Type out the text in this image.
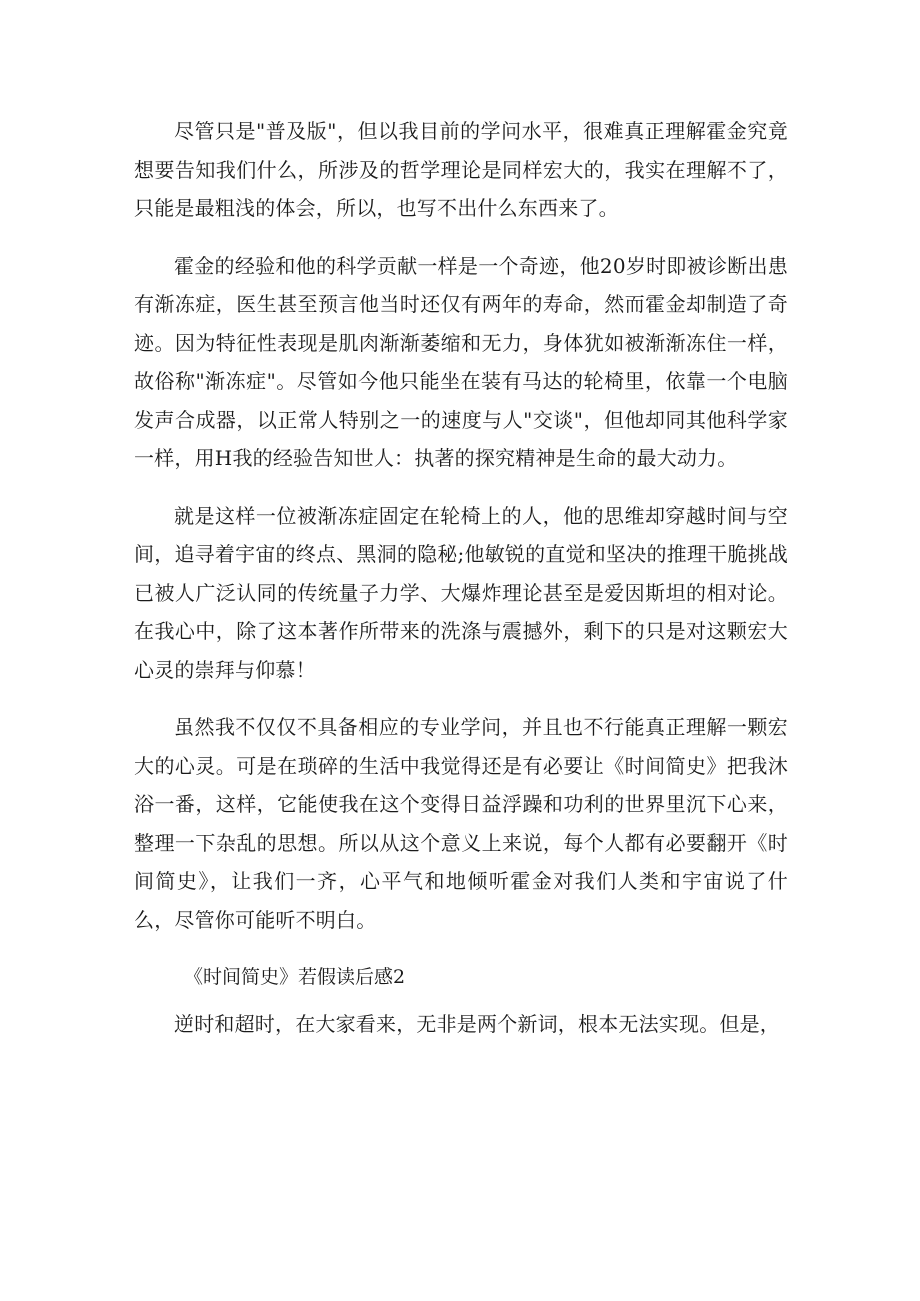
尽管只是"普及版"，但以我目前的学问水平，很难真正理解霍金究竟想要告知我们什么，所涉及的哲学理论是同样宏大的，我实在理解不了，只能是最粗浅的体会，所以，也写不出什么东西来了。

霍金的经验和他的科学贡献一样是一个奇迹，他20岁时即被诊断出患有渐冻症，医生甚至预言他当时还仅有两年的寿命，然而霍金却制造了奇迹。因为特征性表现是肌肉渐渐萎缩和无力，身体犹如被渐渐冻住一样，故俗称"渐冻症"。尽管如今他只能坐在装有马达的轮椅里，依靠一个电脑发声合成器，以正常人特别之一的速度与人"交谈"，但他却同其他科学家一样，用H我的经验告知世人：执著的探究精神是生命的最大动力。

就是这样一位被渐冻症固定在轮椅上的人，他的思维却穿越时间与空间，追寻着宇宙的终点、黑洞的隐秘;他敏锐的直觉和坚决的推理干脆挑战已被人广泛认同的传统量子力学、大爆炸理论甚至是爱因斯坦的相对论。在我心中，除了这本著作所带来的洗涤与震撼外，剩下的只是对这颗宏大心灵的崇拜与仰慕！

虽然我不仅仅不具备相应的专业学问，并且也不行能真正理解一颗宏大的心灵。可是在琐碎的生活中我觉得还是有必要让《时间简史》把我沐浴一番，这样，它能使我在这个变得日益浮躁和功利的世界里沉下心来，整理一下杂乱的思想。所以从这个意义上来说，每个人都有必要翻开《时间简史》，让我们一齐，心平气和地倾听霍金对我们人类和宇宙说了什么，尽管你可能听不明白。

《时间简史》若假读后感2

逆时和超时，在大家看来，无非是两个新词，根本无法实现。但是，
